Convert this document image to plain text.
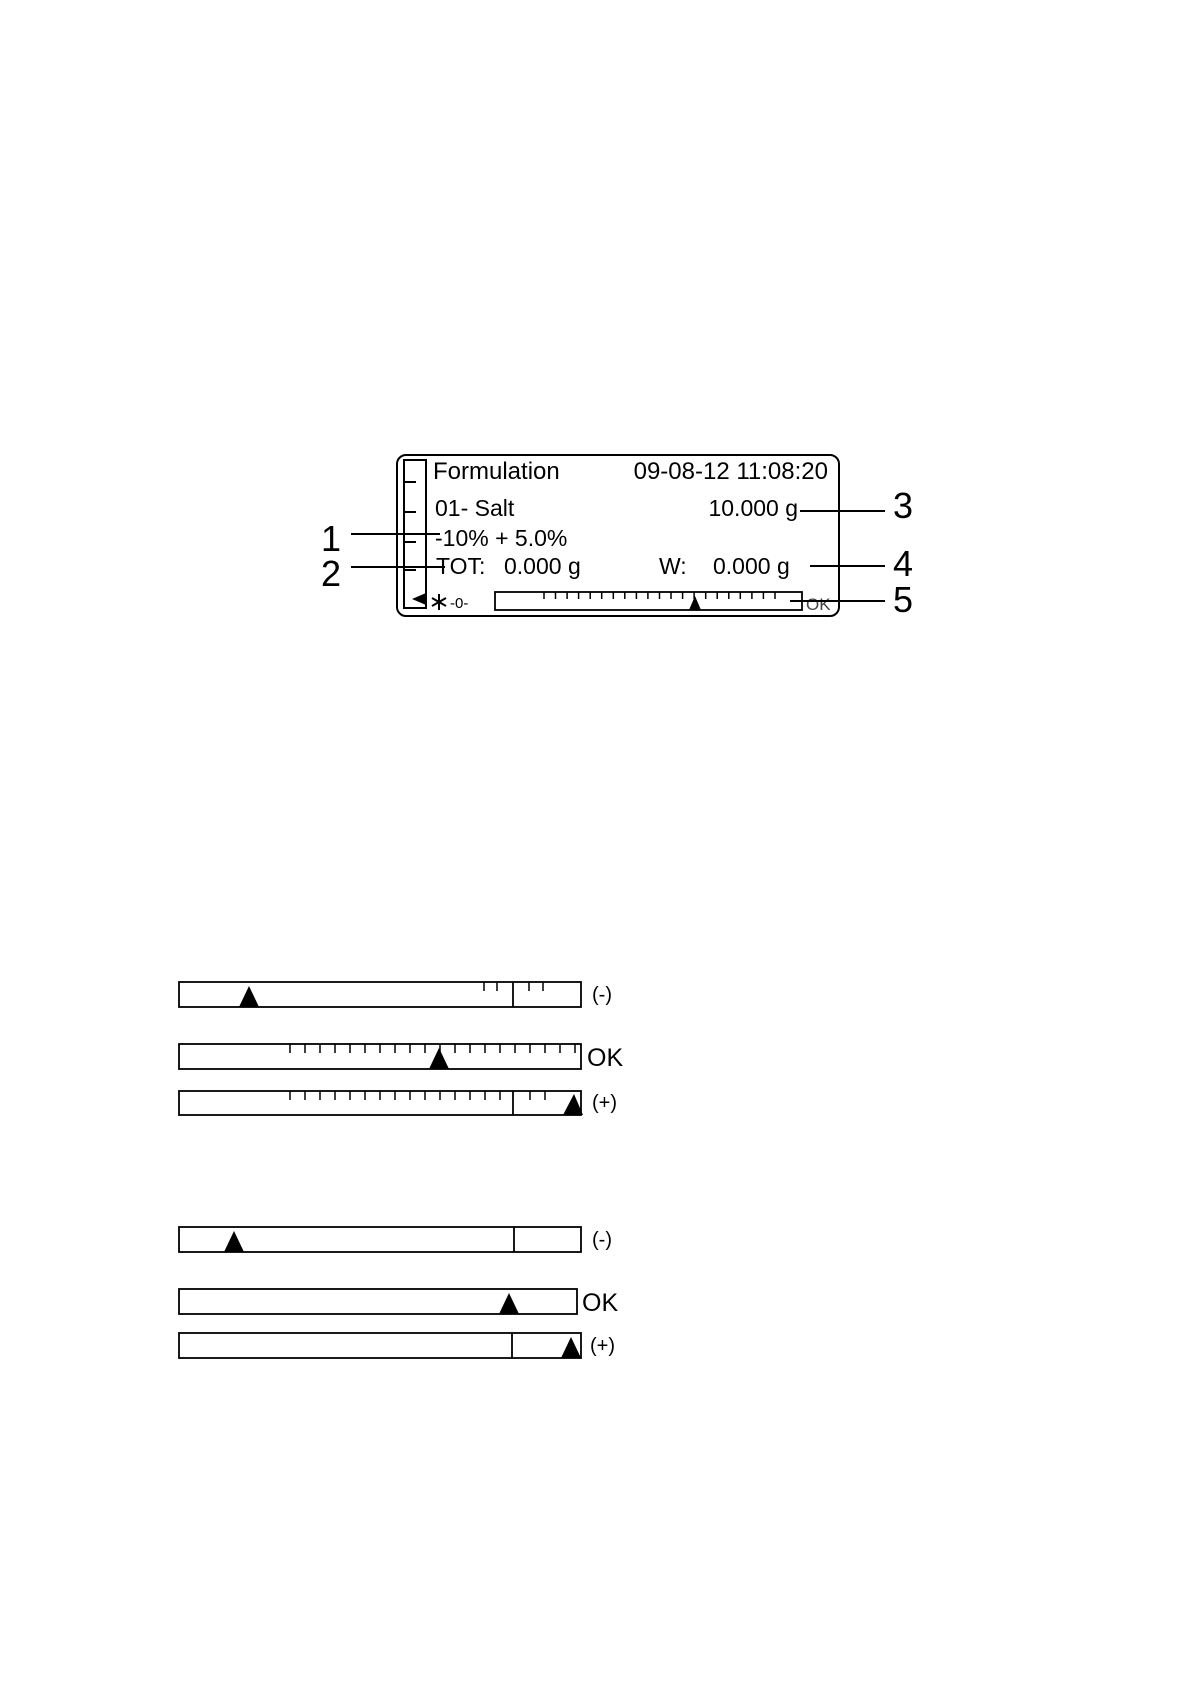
Formulation	09-08-12 11:08:20
01- Salt	10.000 g
-10% + 5.0%
TOT: 0.000 g	W: 0.000 g
-0-	OK
1
2
3
4
5
(-)
OK
(+)
(-)
OK
(+)
